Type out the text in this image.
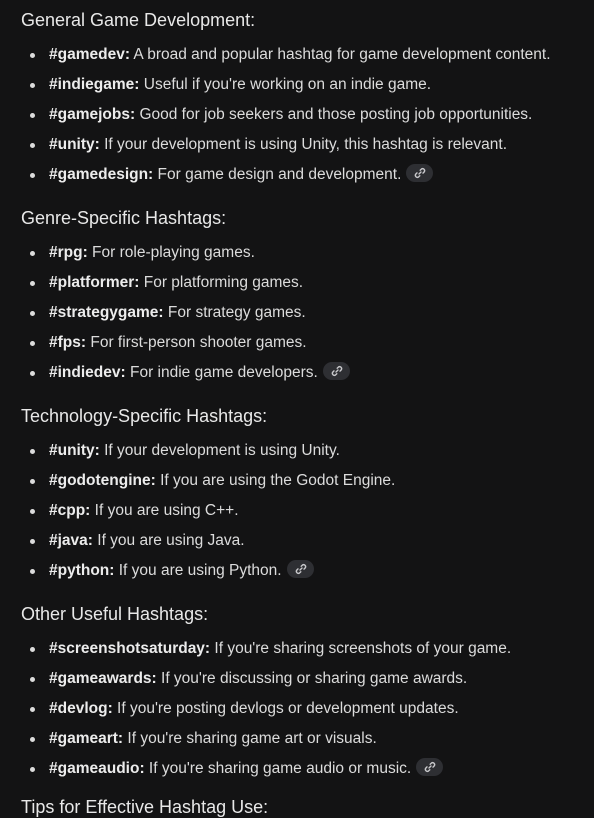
General Game Development:
#gamedev: A broad and popular hashtag for game development content.
#indiegame: Useful if you're working on an indie game.
#gamejobs: Good for job seekers and those posting job opportunities.
#unity: If your development is using Unity, this hashtag is relevant.
#gamedesign: For game design and development.
Genre-Specific Hashtags:
#rpg: For role-playing games.
#platformer: For platforming games.
#strategygame: For strategy games.
#fps: For first-person shooter games.
#indiedev: For indie game developers.
Technology-Specific Hashtags:
#unity: If your development is using Unity.
#godotengine: If you are using the Godot Engine.
#cpp: If you are using C++.
#java: If you are using Java.
#python: If you are using Python.
Other Useful Hashtags:
#screenshotsaturday: If you're sharing screenshots of your game.
#gameawards: If you're discussing or sharing game awards.
#devlog: If you're posting devlogs or development updates.
#gameart: If you're sharing game art or visuals.
#gameaudio: If you're sharing game audio or music.
Tips for Effective Hashtag Use:
